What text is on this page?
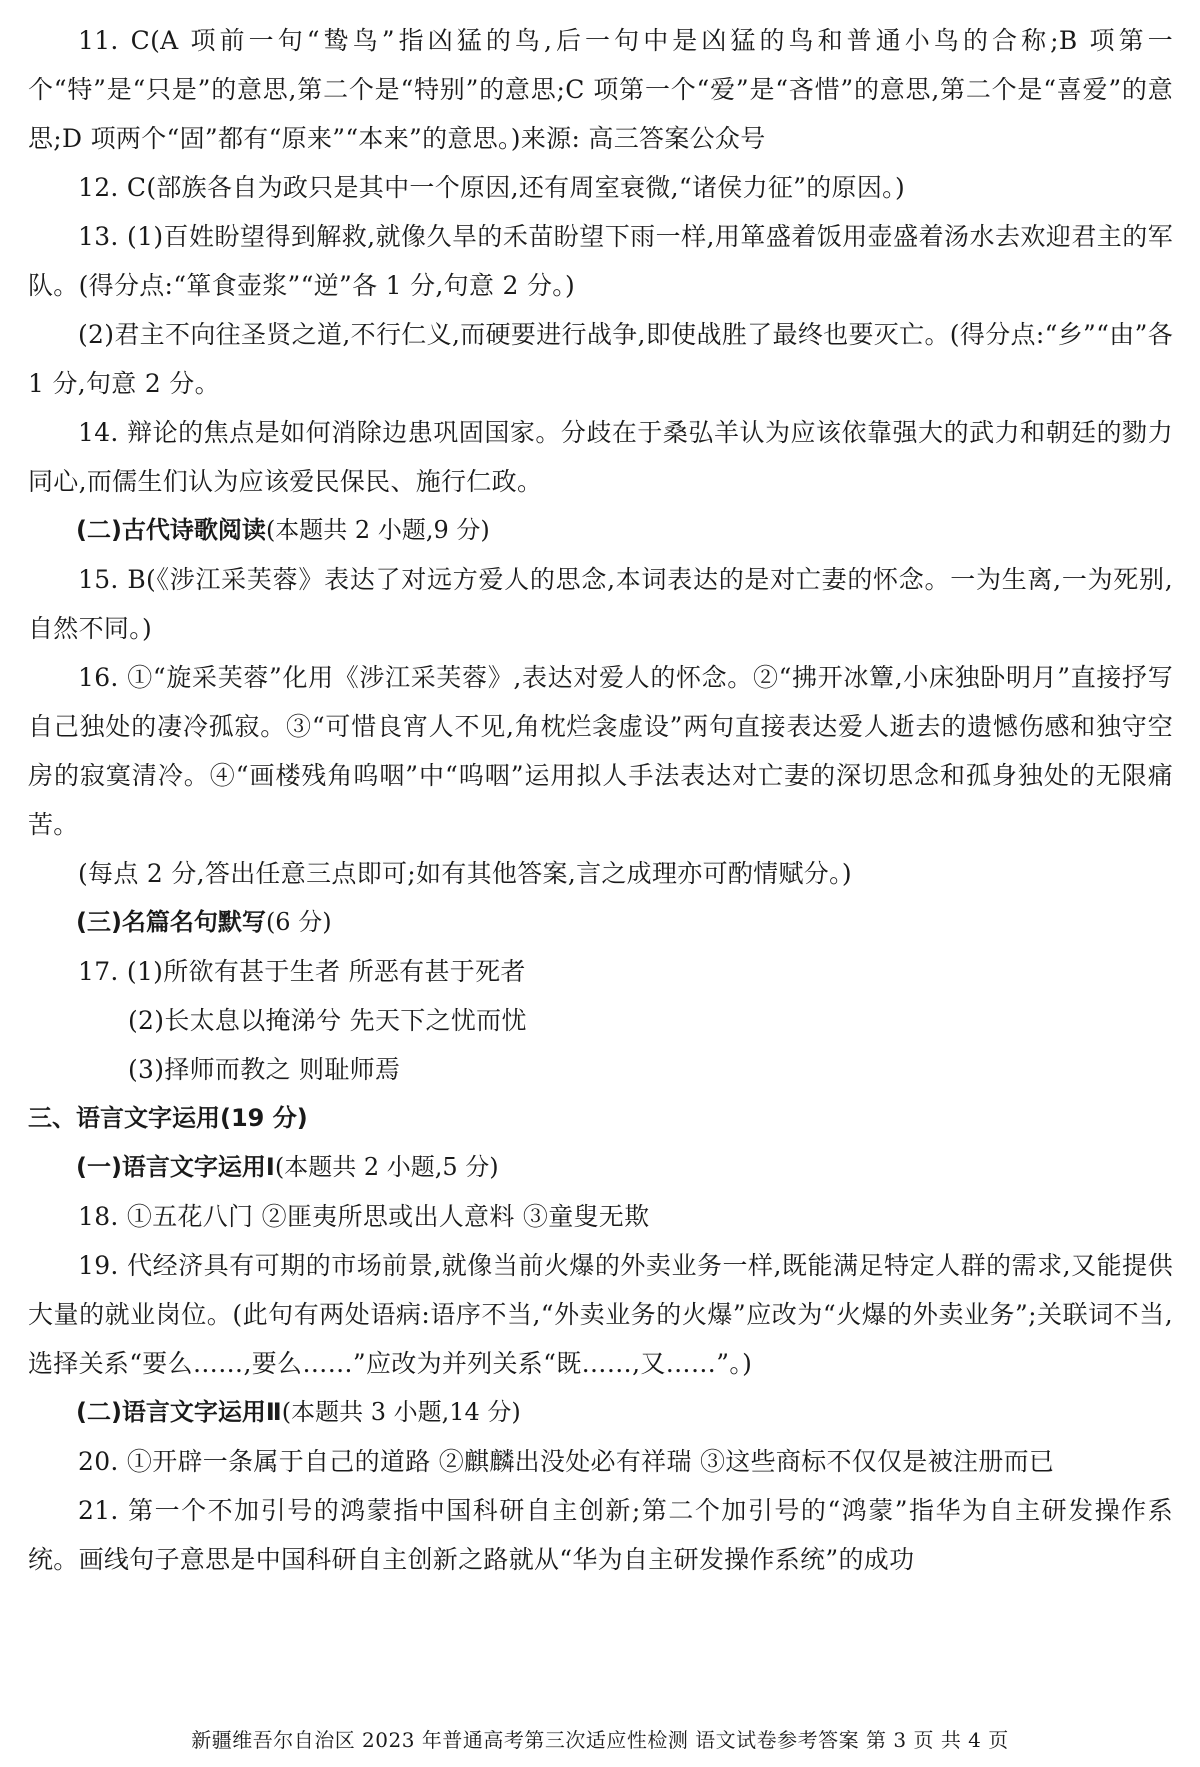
11. C(A 项前一句“鸷鸟”指凶猛的鸟,后一句中是凶猛的鸟和普通小鸟的合称;B 项第一个“特”是“只是”的意思,第二个是“特别”的意思;C 项第一个“爱”是“吝惜”的意思,第二个是“喜爱”的意思;D 项两个“固”都有“原来”“本来”的意思。)来源: 高三答案公众号

12. C(部族各自为政只是其中一个原因,还有周室衰微,“诸侯力征”的原因。)

13. (1)百姓盼望得到解救,就像久旱的禾苗盼望下雨一样,用箪盛着饭用壶盛着汤水去欢迎君主的军队。(得分点:“箪食壶浆”“逆”各 1 分,句意 2 分。)

(2)君主不向往圣贤之道,不行仁义,而硬要进行战争,即使战胜了最终也要灭亡。(得分点:“乡”“由”各 1 分,句意 2 分。

14. 辩论的焦点是如何消除边患巩固国家。分歧在于桑弘羊认为应该依靠强大的武力和朝廷的勠力同心,而儒生们认为应该爱民保民、施行仁政。

(二)古代诗歌阅读(本题共 2 小题,9 分)

15. B(《涉江采芙蓉》表达了对远方爱人的思念,本词表达的是对亡妻的怀念。一为生离,一为死别,自然不同。)

16. ①“旋采芙蓉”化用《涉江采芙蓉》,表达对爱人的怀念。②“拂开冰簟,小床独卧明月”直接抒写自己独处的凄冷孤寂。③“可惜良宵人不见,角枕烂衾虚设”两句直接表达爱人逝去的遗憾伤感和独守空房的寂寞清冷。④“画楼残角呜咽”中“呜咽”运用拟人手法表达对亡妻的深切思念和孤身独处的无限痛苦。

(每点 2 分,答出任意三点即可;如有其他答案,言之成理亦可酌情赋分。)

(三)名篇名句默写(6 分)

17. (1)所欲有甚于生者 所恶有甚于死者

(2)长太息以掩涕兮 先天下之忧而忧

(3)择师而教之 则耻师焉

三、语言文字运用(19 分)

(一)语言文字运用Ⅰ(本题共 2 小题,5 分)

18. ①五花八门 ②匪夷所思或出人意料 ③童叟无欺

19. 代经济具有可期的市场前景,就像当前火爆的外卖业务一样,既能满足特定人群的需求,又能提供大量的就业岗位。(此句有两处语病:语序不当,“外卖业务的火爆”应改为“火爆的外卖业务”;关联词不当,选择关系“要么……,要么……”应改为并列关系“既……,又……”。)

(二)语言文字运用Ⅱ(本题共 3 小题,14 分)

20. ①开辟一条属于自己的道路 ②麒麟出没处必有祥瑞 ③这些商标不仅仅是被注册而已

21. 第一个不加引号的鸿蒙指中国科研自主创新;第二个加引号的“鸿蒙”指华为自主研发操作系统。画线句子意思是中国科研自主创新之路就从“华为自主研发操作系统”的成功

新疆维吾尔自治区 2023 年普通高考第三次适应性检测 语文试卷参考答案 第 3 页 共 4 页
